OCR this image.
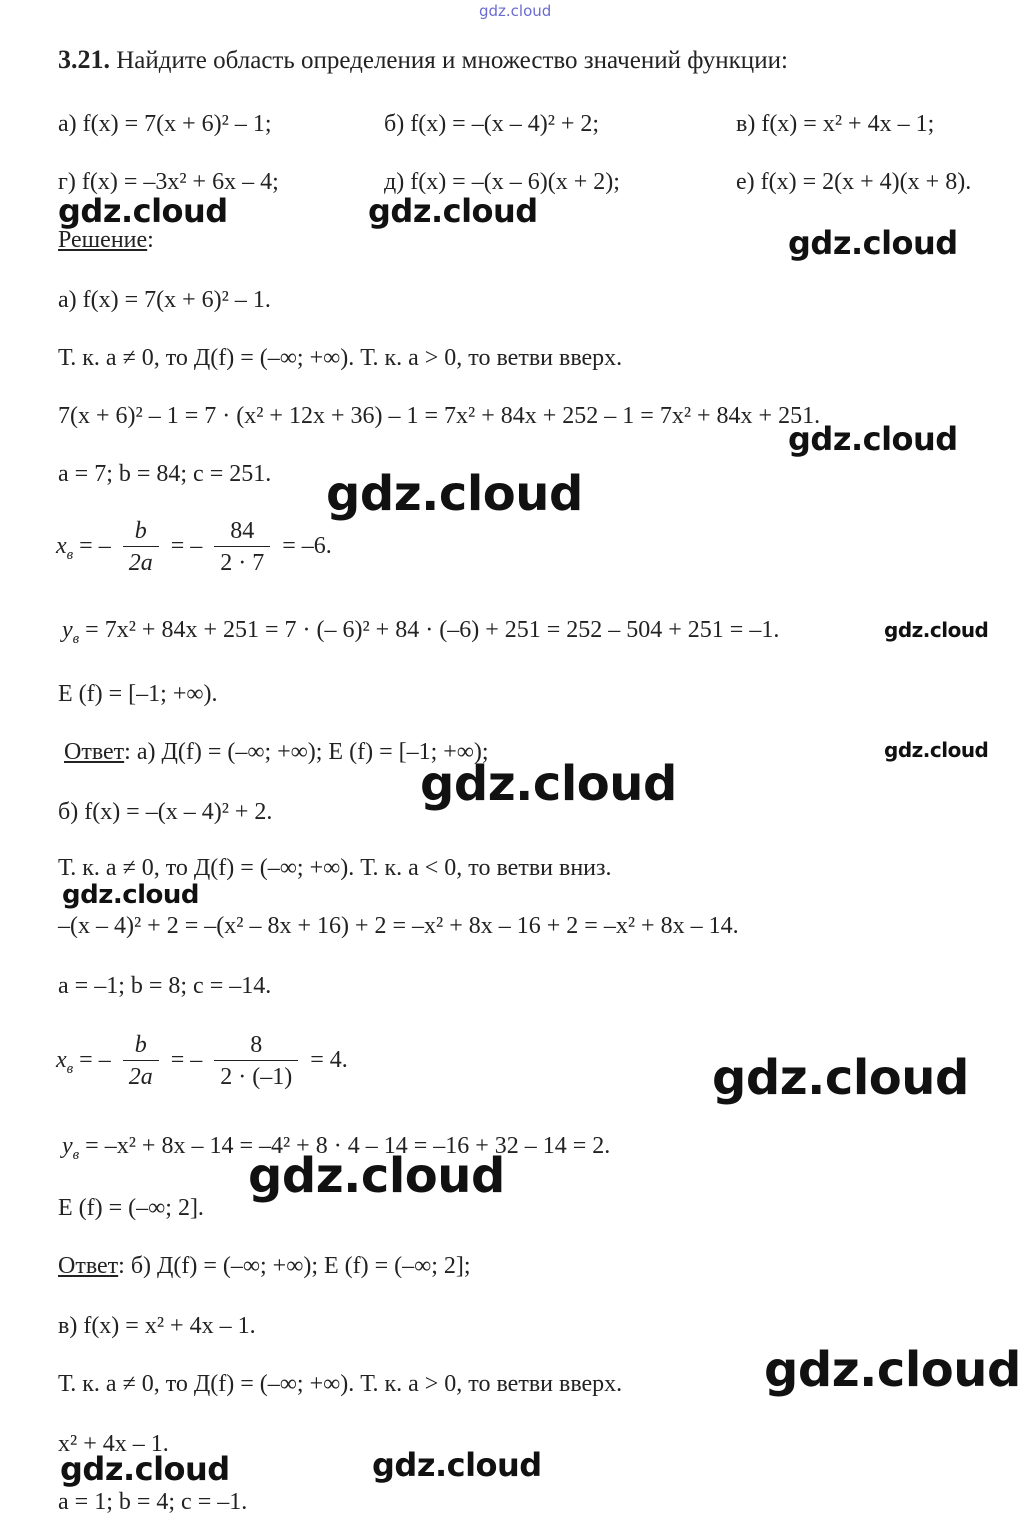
gdz.cloud
3.21. Найдите область определения и множество значений функции:
а) f(x) = 7(x + 6)² – 1;	б) f(x) = –(x – 4)² + 2;	в) f(x) = x² + 4x – 1;
г) f(x) = –3x² + 6x – 4;	д) f(x) = –(x – 6)(x + 2);	е) f(x) = 2(x + 4)(x + 8).
Решение:
а) f(x) = 7(x + 6)² – 1.
Т. к. a ≠ 0, то Д(f) = (–∞; +∞). Т. к. a > 0, то ветви вверх.
7(x + 6)² – 1 = 7 · (x² + 12x + 36) – 1 = 7x² + 84x + 252 – 1 = 7x² + 84x + 251.
a = 7; b = 84; c = 251.
$x_в$ = – $\frac{b}{2a}$ = – $\frac{84}{2 \cdot 7} = -6$.
$y_в = 7x^2 + 84x + 251 = 7$ · (– 6)² + 84 · (–6) + 251 = 252 – 504 + 251 = –1.
E (f) = [–1; +∞).
Ответ: а) Д(f) = (–∞; +∞); E (f) = [–1; +∞);
б) f(x) = –(x – 4)² + 2.
Т. к. a ≠ 0, то Д(f) = (–∞; +∞). Т. к. a < 0, то ветви вниз.
–(x – 4)² + 2 = –(x² – 8x + 16) + 2 = –x² + 8x – 16 + 2 = –x² + 8x – 14.
a = –1; b = 8; c = –14.
$x_в$ = – $\frac{b}{2a}$ = – $\frac{8}{2 \cdot (-1)} = 4$.
$y_в = -x^2 + 8x - 14 = -4^2 + 8 \cdot 4 - 14 = -16 + 32 - 14 = 2$.
E (f) = (–∞; 2].
Ответ: б) Д(f) = (–∞; +∞); E (f) = (–∞; 2];
в) f(x) = x² + 4x – 1.
Т. к. a ≠ 0, то Д(f) = (–∞; +∞). Т. к. a > 0, то ветви вверх.
x² + 4x – 1.
a = 1; b = 4; c = –1.
gdz.cloud	gdz.cloud
gdz.cloud
gdz.cloud
gdz.cloud
gdz.cloud
gdz.cloud
gdz.cloud
gdz.cloud
gdz.cloud
gdz.cloud
gdz.cloud
gdz.cloud	gdz.cloud
